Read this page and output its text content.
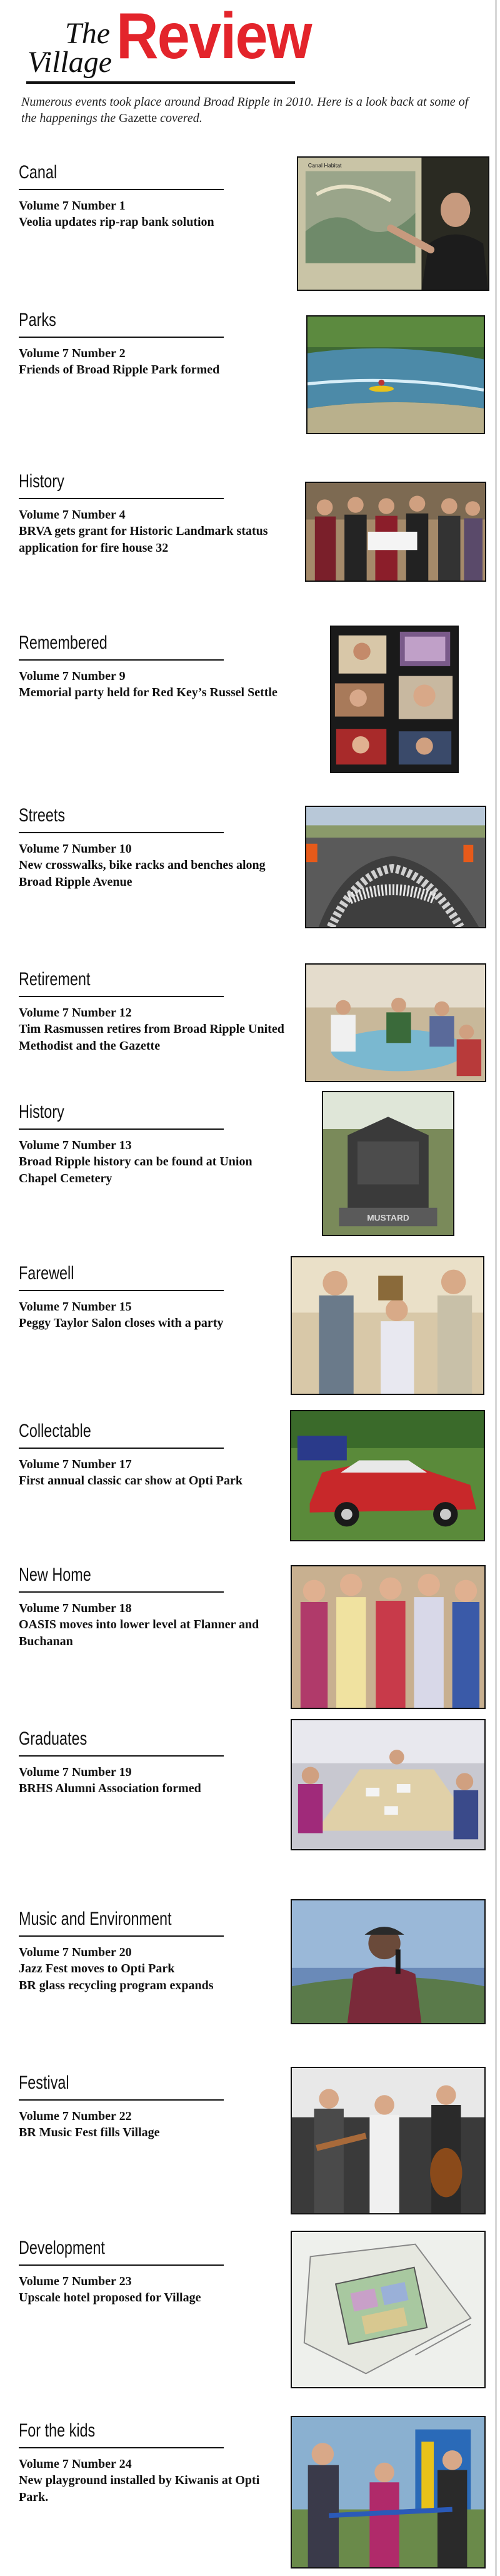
The
Village Review

Numerous events took place around Broad Ripple in 2010. Here is a look back at some of the happenings the Gazette covered.

Canal
Volume 7 Number 1
Veolia updates rip-rap bank solution
Canal Habitat
Parks
Volume 7 Number 2
Friends of Broad Ripple Park formed
History
Volume 7 Number 4
BRVA gets grant for Historic Landmark status application for fire house 32
Remembered
Volume 7 Number 9
Memorial party held for Red Key’s Russel Settle
Streets
Volume 7 Number 10
New crosswalks, bike racks and benches along Broad Ripple Avenue
Retirement
Volume 7 Number 12
Tim Rasmussen retires from Broad Ripple United Methodist and the Gazette
History
Volume 7 Number 13
Broad Ripple history can be found at Union Chapel Cemetery
MUSTARD
Farewell
Volume 7 Number 15
Peggy Taylor Salon closes with a party
Collectable
Volume 7 Number 17
First annual classic car show at Opti Park
New Home
Volume 7 Number 18
OASIS moves into lower level at Flanner and Buchanan
Graduates
Volume 7 Number 19
BRHS Alumni Association formed
Music and Environment
Volume 7 Number 20
Jazz Fest moves to Opti Park
BR glass recycling program expands
Festival
Volume 7 Number 22
BR Music Fest fills Village
Development
Volume 7 Number 23
Upscale hotel proposed for Village
For the kids
Volume 7 Number 24
New playground installed by Kiwanis at Opti Park.
